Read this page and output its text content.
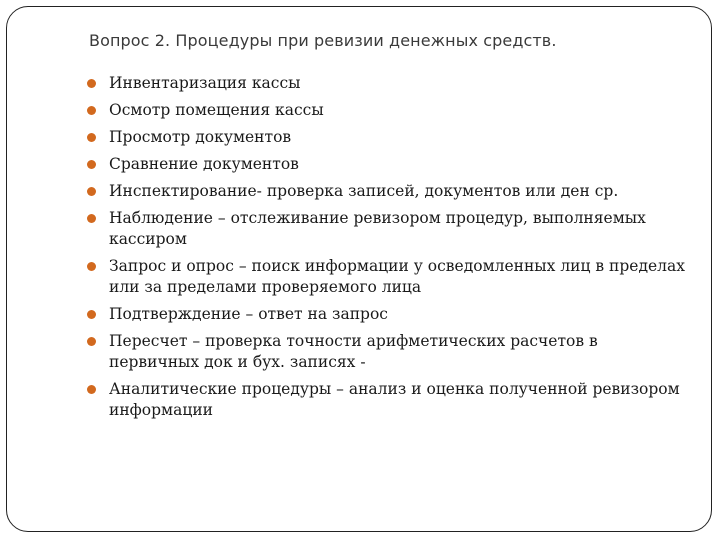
Вопрос 2. Процедуры при ревизии денежных средств.
Инвентаризация кассы
Осмотр помещения кассы
Просмотр документов
Сравнение документов
Инспектирование- проверка записей, документов или ден ср.
Наблюдение – отслеживание ревизором процедур, выполняемых кассиром
Запрос и опрос – поиск информации у осведомленных лиц в пределах или за пределами проверяемого лица
Подтверждение – ответ на запрос
Пересчет – проверка точности арифметических расчетов в первичных док и бух. записях -
Аналитические процедуры – анализ и оценка полученной ревизором информации
